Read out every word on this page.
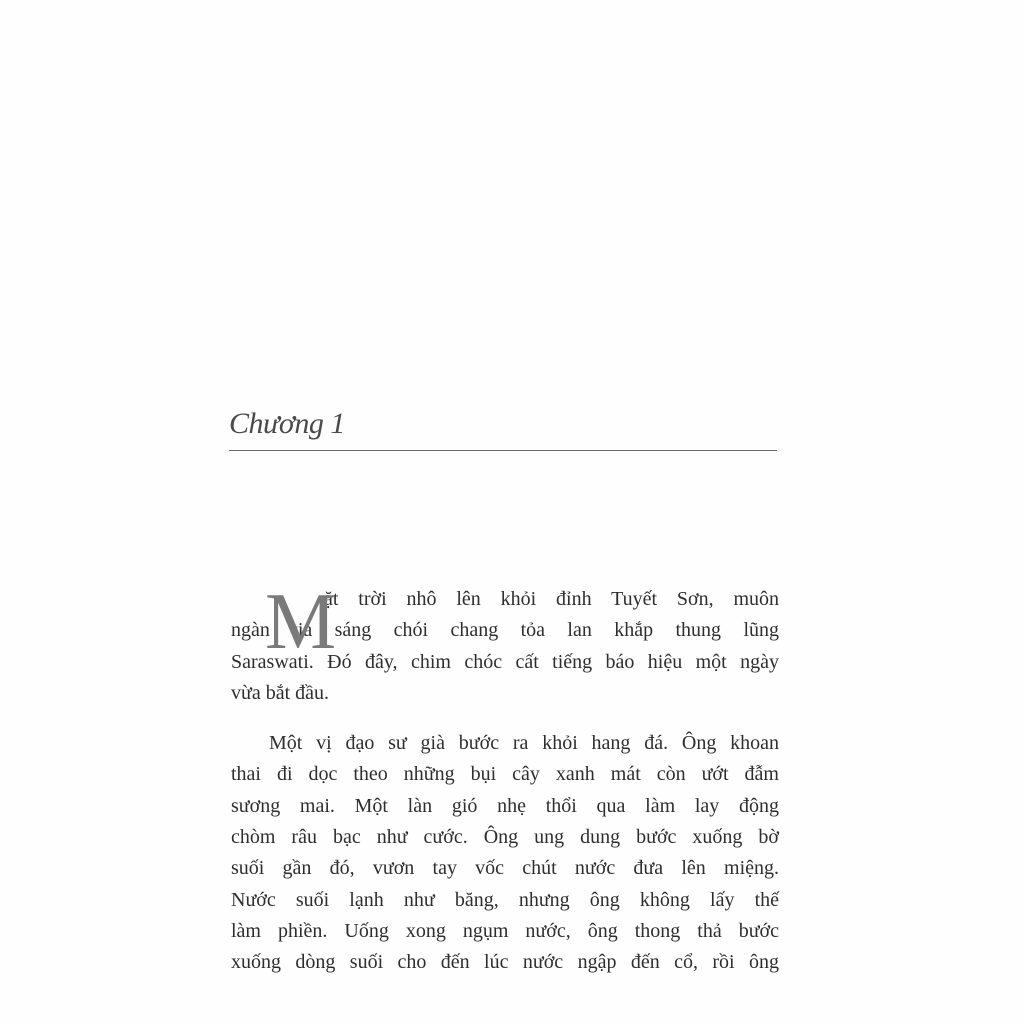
Chương 1
M
ặt trời nhô lên khỏi đỉnh Tuyết Sơn, muôn
ngàn tia sáng chói chang tỏa lan khắp thung lũng
Saraswati. Đó đây, chim chóc cất tiếng báo hiệu một ngày
vừa bắt đầu.
Một vị đạo sư già bước ra khỏi hang đá. Ông khoan
thai đi dọc theo những bụi cây xanh mát còn ướt đẫm
sương mai. Một làn gió nhẹ thổi qua làm lay động
chòm râu bạc như cước. Ông ung dung bước xuống bờ
suối gần đó, vươn tay vốc chút nước đưa lên miệng.
Nước suối lạnh như băng, nhưng ông không lấy thế
làm phiền. Uống xong ngụm nước, ông thong thả bước
xuống dòng suối cho đến lúc nước ngập đến cổ, rồi ông
